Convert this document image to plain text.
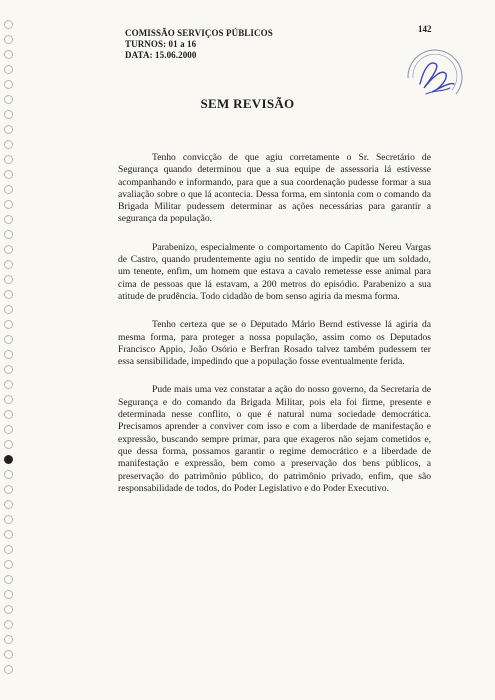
COMISSÃO SERVIÇOS PÚBLICOS
TURNOS: 01 a 16
DATA: 15.06.2000
142
SEM REVISÃO

Tenho convicção de que agiu corretamente o Sr. Secretário de Segurança quando determinou que a sua equipe de assessoria lá estivesse acompanhando e informando, para que a sua coordenação pudesse formar a sua avaliação sobre o que lá acontecia. Dessa forma, em sintonia com o comando da Brigada Militar pudessem determinar as ações necessárias para garantir a segurança da população.

Parabenizo, especialmente o comportamento do Capitão Nereu Vargas de Castro, quando prudentemente agiu no sentido de impedir que um soldado, um tenente, enfim, um homem que estava a cavalo remetesse esse animal para cima de pessoas que lá estavam, a 200 metros do episódio. Parabenizo a sua atitude de prudência. Todo cidadão de bom senso agiria da mesma forma.

Tenho certeza que se o Deputado Mário Bernd estivesse lá agiria da mesma forma, para proteger a nossa população, assim como os Deputados Francisco Appio, João Osório e Berfran Rosado talvez também pudessem ter essa sensibilidade, impedindo que a população fosse eventualmente ferida.

Pude mais uma vez constatar a ação do nosso governo, da Secretaria de Segurança e do comando da Brigada Militar, pois ela foi firme, presente e determinada nesse conflito, o que é natural numa sociedade democrática. Precisamos aprender a conviver com isso e com a liberdade de manifestação e expressão, buscando sempre primar, para que exageros não sejam cometidos e, que dessa forma, possamos garantir o regime democrático e a liberdade de manifestação e expressão, bem como a preservação dos bens públicos, a preservação do patrimônio público, do patrimônio privado, enfim, que são responsabilidade de todos, do Poder Legislativo e do Poder Executivo.
